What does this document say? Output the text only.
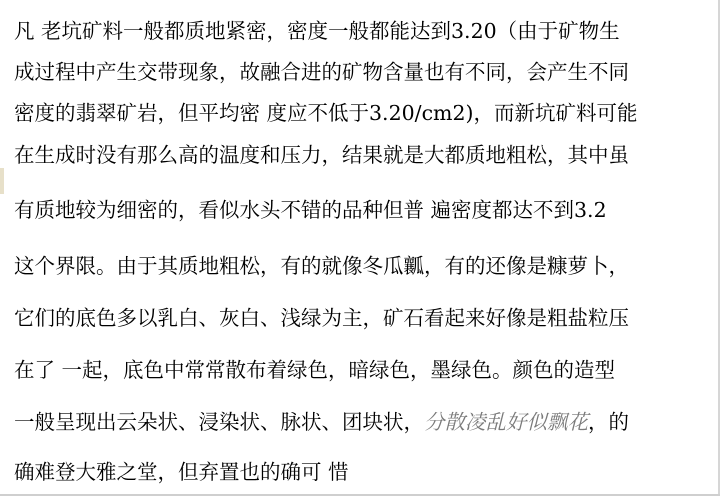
凡 老坑矿料一般都质地紧密，密度一般都能达到3.20（由于矿物生
成过程中产生交带现象，故融合进的矿物含量也有不同，会产生不同
密度的翡翠矿岩，但平均密 度应不低于3.20/cm2)，而新坑矿料可能
在生成时没有那么高的温度和压力，结果就是大都质地粗松，其中虽
有质地较为细密的，看似水头不错的品种但普 遍密度都达不到3.2
这个界限。由于其质地粗松，有的就像冬瓜瓤，有的还像是糠萝卜，
它们的底色多以乳白、灰白、浅绿为主，矿石看起来好像是粗盐粒压
在了 一起，底色中常常散布着绿色，暗绿色，墨绿色。颜色的造型
一般呈现出云朵状、浸染状、脉状、团块状，分散凌乱好似飘花，的
确难登大雅之堂，但弃置也的确可 惜
